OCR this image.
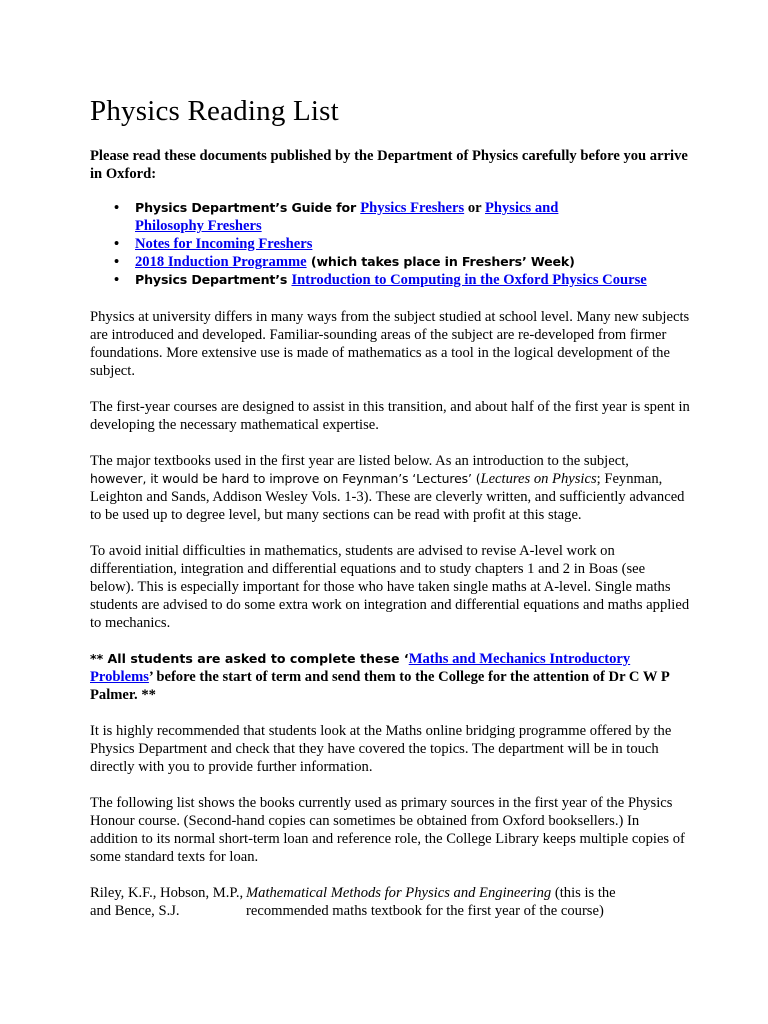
Physics Reading List

Please read these documents published by the Department of Physics carefully before you arrive in Oxford:

• Physics Department’s Guide for Physics Freshers or Physics and Philosophy Freshers
• Notes for Incoming Freshers
• 2018 Induction Programme (which takes place in Freshers’ Week)
• Physics Department’s Introduction to Computing in the Oxford Physics Course

Physics at university differs in many ways from the subject studied at school level. Many new subjects are introduced and developed. Familiar-sounding areas of the subject are re-developed from firmer foundations. More extensive use is made of mathematics as a tool in the logical development of the subject.

The first-year courses are designed to assist in this transition, and about half of the first year is spent in developing the necessary mathematical expertise.

The major textbooks used in the first year are listed below. As an introduction to the subject,
however, it would be hard to improve on Feynman’s ‘Lectures’ (Lectures on Physics; Feynman,
Leighton and Sands, Addison Wesley Vols. 1-3). These are cleverly written, and sufficiently advanced to be used up to degree level, but many sections can be read with profit at this stage.

To avoid initial difficulties in mathematics, students are advised to revise A-level work on differentiation, integration and differential equations and to study chapters 1 and 2 in Boas (see below). This is especially important for those who have taken single maths at A-level. Single maths students are advised to do some extra work on integration and differential equations and maths applied to mechanics.

** All students are asked to complete these ‘Maths and Mechanics Introductory Problems’ before the start of term and send them to the College for the attention of Dr C W P Palmer. **

It is highly recommended that students look at the Maths online bridging programme offered by the Physics Department and check that they have covered the topics. The department will be in touch directly with you to provide further information.

The following list shows the books currently used as primary sources in the first year of the Physics Honour course. (Second-hand copies can sometimes be obtained from Oxford booksellers.) In addition to its normal short-term loan and reference role, the College Library keeps multiple copies of some standard texts for loan.

Riley, K.F., Hobson, M.P., and Bence, S.J.
Mathematical Methods for Physics and Engineering (this is the recommended maths textbook for the first year of the course)
